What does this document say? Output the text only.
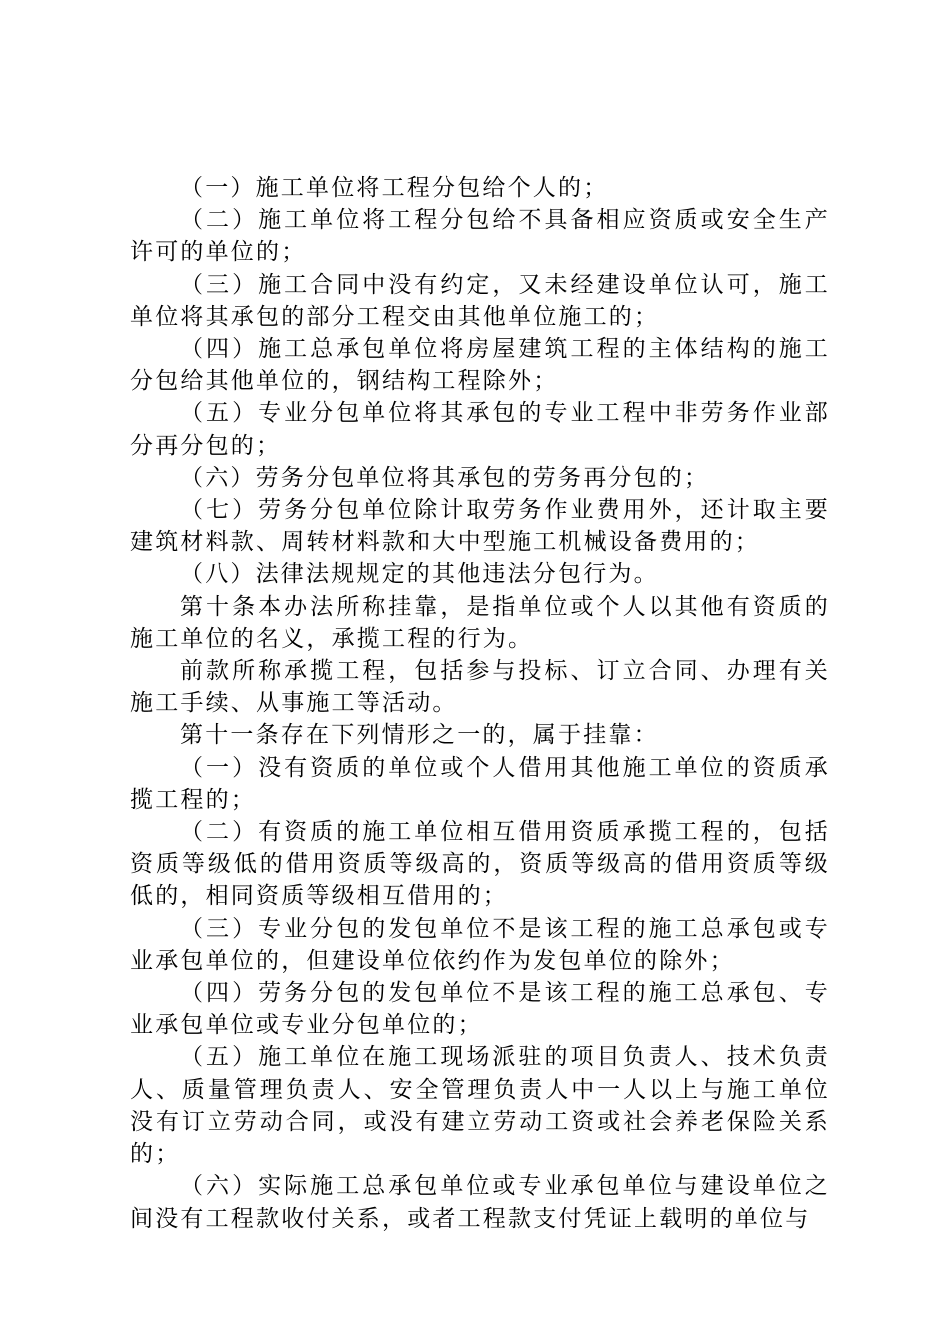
（一）施工单位将工程分包给个人的；

（二）施工单位将工程分包给不具备相应资质或安全生产许可的单位的；

（三）施工合同中没有约定，又未经建设单位认可，施工单位将其承包的部分工程交由其他单位施工的；

（四）施工总承包单位将房屋建筑工程的主体结构的施工分包给其他单位的，钢结构工程除外；

（五）专业分包单位将其承包的专业工程中非劳务作业部分再分包的；

（六）劳务分包单位将其承包的劳务再分包的；

（七）劳务分包单位除计取劳务作业费用外，还计取主要建筑材料款、周转材料款和大中型施工机械设备费用的；

（八）法律法规规定的其他违法分包行为。

第十条本办法所称挂靠，是指单位或个人以其他有资质的施工单位的名义，承揽工程的行为。

前款所称承揽工程，包括参与投标、订立合同、办理有关施工手续、从事施工等活动。

第十一条存在下列情形之一的，属于挂靠：

（一）没有资质的单位或个人借用其他施工单位的资质承揽工程的；

（二）有资质的施工单位相互借用资质承揽工程的，包括资质等级低的借用资质等级高的，资质等级高的借用资质等级低的，相同资质等级相互借用的；

（三）专业分包的发包单位不是该工程的施工总承包或专业承包单位的，但建设单位依约作为发包单位的除外；

（四）劳务分包的发包单位不是该工程的施工总承包、专业承包单位或专业分包单位的；

（五）施工单位在施工现场派驻的项目负责人、技术负责人、质量管理负责人、安全管理负责人中一人以上与施工单位没有订立劳动合同，或没有建立劳动工资或社会养老保险关系的；

（六）实际施工总承包单位或专业承包单位与建设单位之间没有工程款收付关系，或者工程款支付凭证上载明的单位与
